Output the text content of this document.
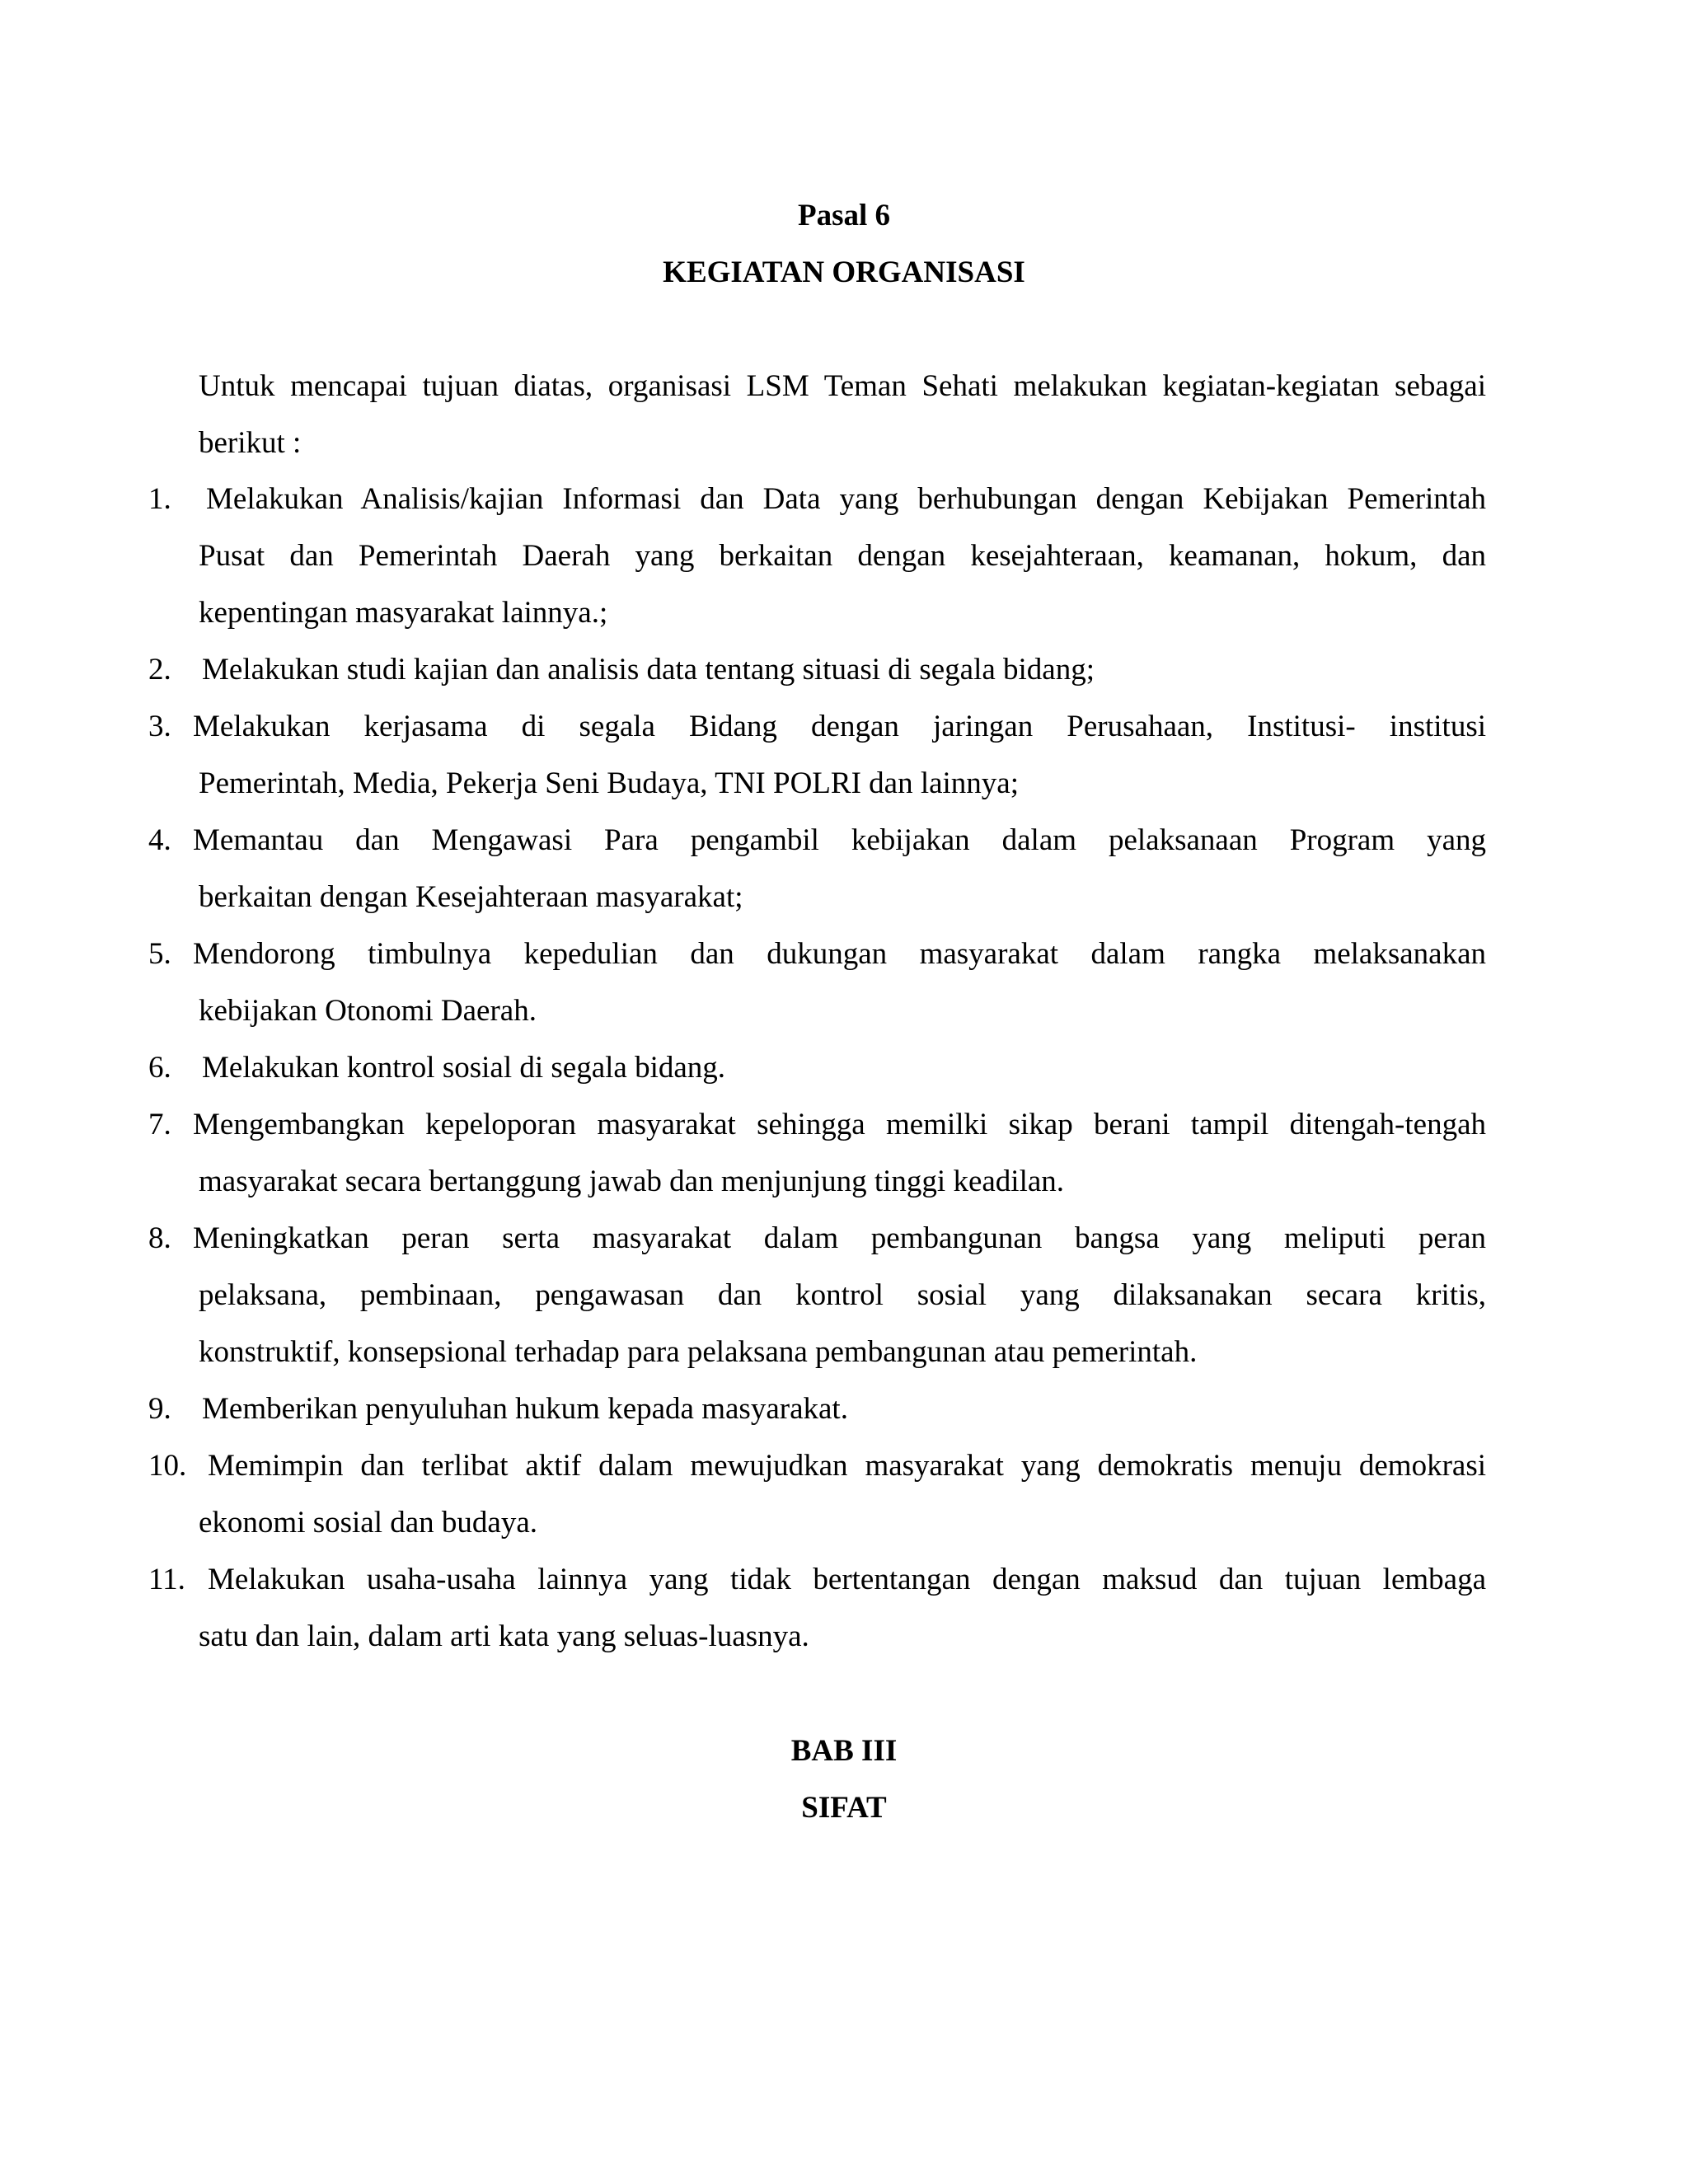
Pasal 6
KEGIATAN ORGANISASI

Untuk mencapai tujuan diatas, organisasi LSM Teman Sehati melakukan kegiatan-kegiatan sebagai berikut :

1. Melakukan Analisis/kajian Informasi dan Data yang berhubungan dengan Kebijakan Pemerintah
Pusat dan Pemerintah Daerah yang berkaitan dengan kesejahteraan, keamanan, hokum, dan
kepentingan masyarakat lainnya.;
2. Melakukan studi kajian dan analisis data tentang situasi di segala bidang;
3. Melakukan kerjasama di segala Bidang dengan jaringan Perusahaan, Institusi- institusi
Pemerintah, Media, Pekerja Seni Budaya, TNI POLRI dan lainnya;
4. Memantau dan Mengawasi Para pengambil kebijakan dalam pelaksanaan Program yang
berkaitan dengan Kesejahteraan masyarakat;
5. Mendorong timbulnya kepedulian dan dukungan masyarakat dalam rangka melaksanakan
kebijakan Otonomi Daerah.
6. Melakukan kontrol sosial di segala bidang.
7. Mengembangkan kepeloporan masyarakat sehingga memilki sikap berani tampil ditengah-tengah
masyarakat secara bertanggung jawab dan menjunjung tinggi keadilan.
8. Meningkatkan peran serta masyarakat dalam pembangunan bangsa yang meliputi peran
pelaksana, pembinaan, pengawasan dan kontrol sosial yang dilaksanakan secara kritis,
konstruktif, konsepsional terhadap para pelaksana pembangunan atau pemerintah.
9. Memberikan penyuluhan hukum kepada masyarakat.
10. Memimpin dan terlibat aktif dalam mewujudkan masyarakat yang demokratis menuju demokrasi
ekonomi sosial dan budaya.
11. Melakukan usaha-usaha lainnya yang tidak bertentangan dengan maksud dan tujuan lembaga
satu dan lain, dalam arti kata yang seluas-luasnya.
BAB III
SIFAT
